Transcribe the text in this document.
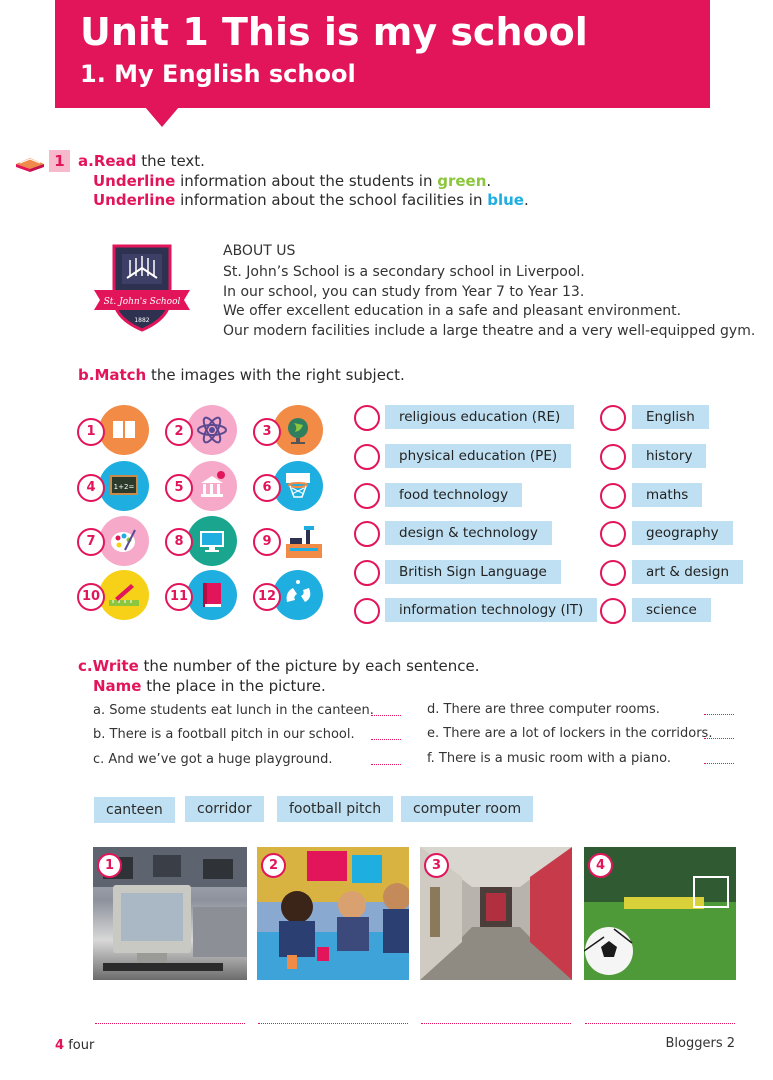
Unit 1 This is my school
1. My English school
1 a.Read the text.
Underline information about the students in green.
Underline information about the school facilities in blue.
St. John's School
1882
ABOUT US
St. John’s School is a secondary school in Liverpool.
In our school, you can study from Year 7 to Year 13.
We offer excellent education in a safe and pleasant environment.
Our modern facilities include a large theatre and a very well-equipped gym.
b.Match the images with the right subject.
1	2	3
1+2=
4	5	6
7	8	9
10	11	12
religious education (RE)
physical education (PE)
food technology
design & technology
British Sign Language
information technology (IT)
English
history
maths
geography
art & design
science
c.Write the number of the picture by each sentence.
Name the place in the picture.
a. Some students eat lunch in the canteen.
b. There is a football pitch in our school.
c. And we’ve got a huge playground.
d. There are three computer rooms.
e. There are a lot of lockers in the corridors.
f. There is a music room with a piano.
canteen	corridor	football pitch	computer room
1	2	3	4
4 four	Bloggers 2
